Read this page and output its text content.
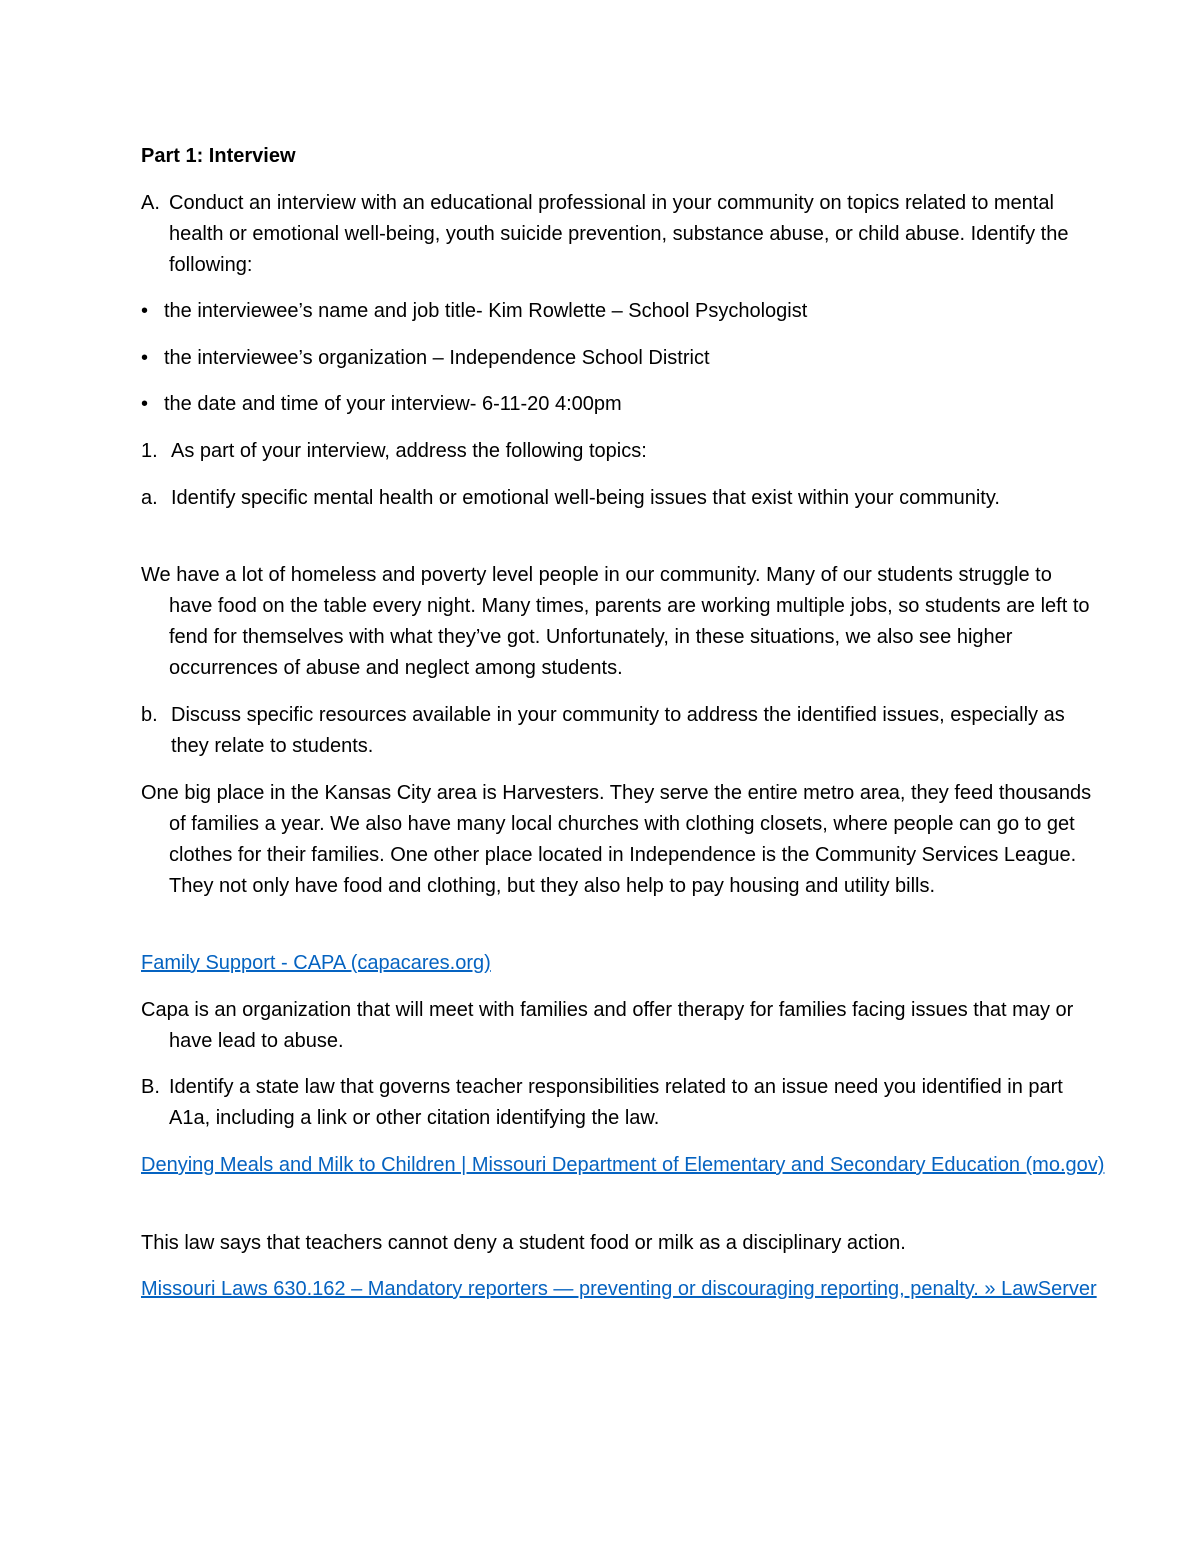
Part 1: Interview

A. Conduct an interview with an educational professional in your community on topics related to mental health or emotional well-being, youth suicide prevention, substance abuse, or child abuse. Identify the following:

• the interviewee’s name and job title- Kim Rowlette – School Psychologist

• the interviewee’s organization – Independence School District

• the date and time of your interview- 6-11-20 4:00pm

1. As part of your interview, address the following topics:

a. Identify specific mental health or emotional well-being issues that exist within your community.

We have a lot of homeless and poverty level people in our community. Many of our students struggle to have food on the table every night. Many times, parents are working multiple jobs, so students are left to fend for themselves with what they’ve got. Unfortunately, in these situations, we also see higher occurrences of abuse and neglect among students.

b. Discuss specific resources available in your community to address the identified issues, especially as they relate to students.

One big place in the Kansas City area is Harvesters. They serve the entire metro area, they feed thousands of families a year. We also have many local churches with clothing closets, where people can go to get clothes for their families. One other place located in Independence is the Community Services League. They not only have food and clothing, but they also help to pay housing and utility bills.

Family Support - CAPA (capacares.org)

Capa is an organization that will meet with families and offer therapy for families facing issues that may or have lead to abuse.

B. Identify a state law that governs teacher responsibilities related to an issue need you identified in part A1a, including a link or other citation identifying the law.

Denying Meals and Milk to Children | Missouri Department of Elementary and Secondary Education (mo.gov)

This law says that teachers cannot deny a student food or milk as a disciplinary action.

Missouri Laws 630.162 – Mandatory reporters — preventing or discouraging reporting, penalty. » LawServer
